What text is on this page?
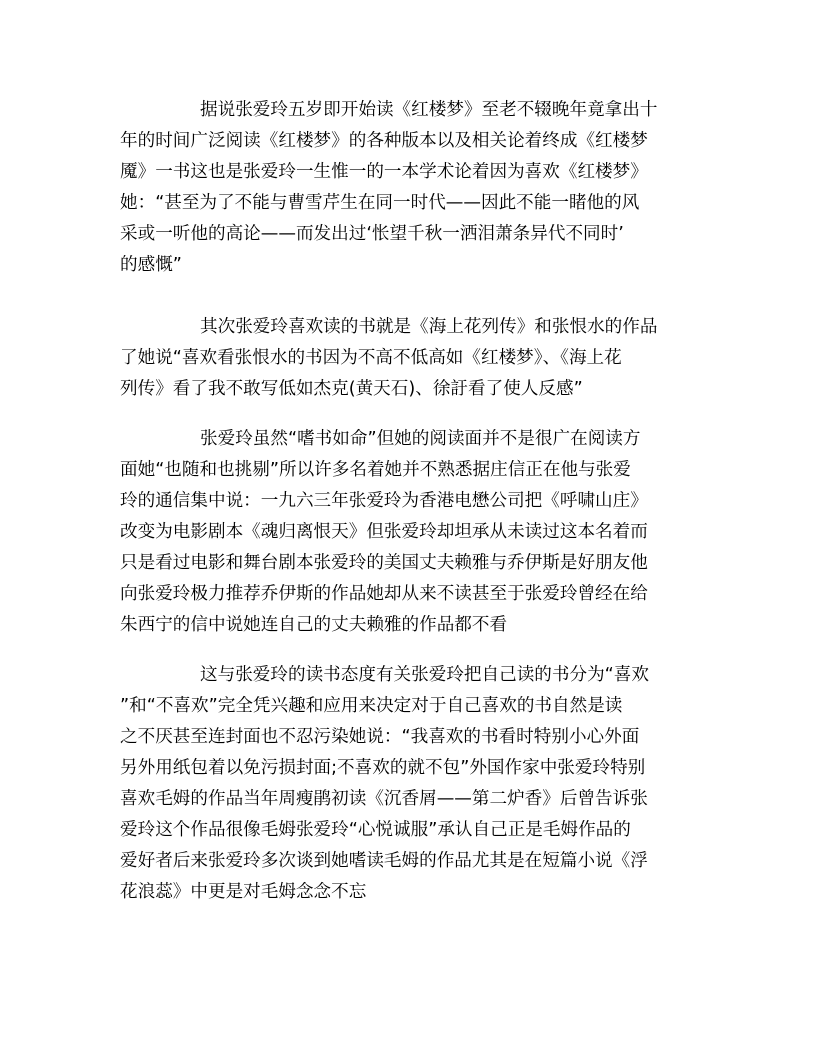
据说张爱玲五岁即开始读《红楼梦》至老不辍晚年竟拿出十
年的时间广泛阅读《红楼梦》的各种版本以及相关论着终成《红楼梦
魇》一书这也是张爱玲一生惟一的一本学术论着因为喜欢《红楼梦》
她：“甚至为了不能与曹雪芹生在同一时代——因此不能一睹他的风
采或一听他的高论——而发出过‘怅望千秋一洒泪萧条异代不同时’
的感慨”
其次张爱玲喜欢读的书就是《海上花列传》和张恨水的作品
了她说“喜欢看张恨水的书因为不高不低高如《红楼梦》、《海上花
列传》看了我不敢写低如杰克(黄天石)、徐訏看了使人反感”
张爱玲虽然“嗜书如命”但她的阅读面并不是很广在阅读方
面她“也随和也挑剔”所以许多名着她并不熟悉据庄信正在他与张爱
玲的通信集中说：一九六三年张爱玲为香港电懋公司把《呼啸山庄》
改变为电影剧本《魂归离恨天》但张爱玲却坦承从未读过这本名着而
只是看过电影和舞台剧本张爱玲的美国丈夫赖雅与乔伊斯是好朋友他
向张爱玲极力推荐乔伊斯的作品她却从来不读甚至于张爱玲曾经在给
朱西宁的信中说她连自己的丈夫赖雅的作品都不看
这与张爱玲的读书态度有关张爱玲把自己读的书分为“喜欢
”和“不喜欢”完全凭兴趣和应用来决定对于自己喜欢的书自然是读
之不厌甚至连封面也不忍污染她说：“我喜欢的书看时特别小心外面
另外用纸包着以免污损封面;不喜欢的就不包”外国作家中张爱玲特别
喜欢毛姆的作品当年周瘦鹃初读《沉香屑——第二炉香》后曾告诉张
爱玲这个作品很像毛姆张爱玲“心悦诚服”承认自己正是毛姆作品的
爱好者后来张爱玲多次谈到她嗜读毛姆的作品尤其是在短篇小说《浮
花浪蕊》中更是对毛姆念念不忘
